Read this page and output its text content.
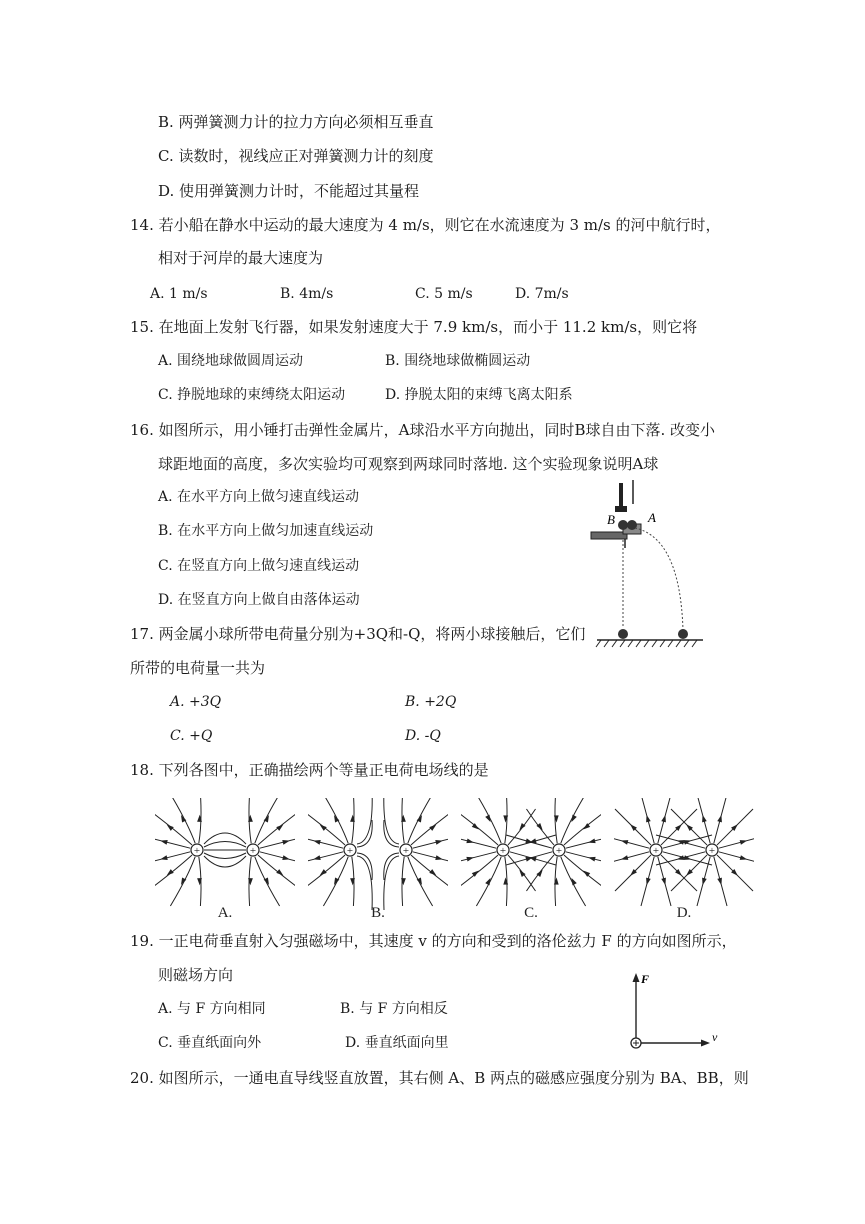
B. 两弹簧测力计的拉力方向必须相互垂直
C. 读数时，视线应正对弹簧测力计的刻度
D. 使用弹簧测力计时，不能超过其量程
14. 若小船在静水中运动的最大速度为 4 m/s，则它在水流速度为 3 m/s 的河中航行时，
相对于河岸的最大速度为
A. 1 m/s	B. 4m/s	C. 5 m/s	D. 7m/s
15. 在地面上发射飞行器，如果发射速度大于 7.9 km/s，而小于 11.2 km/s，则它将
A. 围绕地球做圆周运动	B. 围绕地球做椭圆运动
C. 挣脱地球的束缚绕太阳运动	D. 挣脱太阳的束缚飞离太阳系
16. 如图所示，用小锤打击弹性金属片，A球沿水平方向抛出，同时B球自由下落. 改变小
球距地面的高度，多次实验均可观察到两球同时落地. 这个实验现象说明A球
A. 在水平方向上做匀速直线运动
B. 在水平方向上做匀加速直线运动
C. 在竖直方向上做匀速直线运动
D. 在竖直方向上做自由落体运动
B	A
17. 两金属小球所带电荷量分别为+3Q和-Q，将两小球接触后，它们
所带的电荷量一共为
A. +3Q	B. +2Q
C. +Q	D. -Q
18. 下列各图中，正确描绘两个等量正电荷电场线的是
+	+
A.
+	+
B.
+	+
C.
+	+
D.
19. 一正电荷垂直射入匀强磁场中，其速度 v 的方向和受到的洛伦兹力 F 的方向如图所示，
则磁场方向
A. 与 F 方向相同	B. 与 F 方向相反
C. 垂直纸面向外	D. 垂直纸面向里
F
v
20. 如图所示，一通电直导线竖直放置，其右侧 A、B 两点的磁感应强度分别为 BA、BB，则
